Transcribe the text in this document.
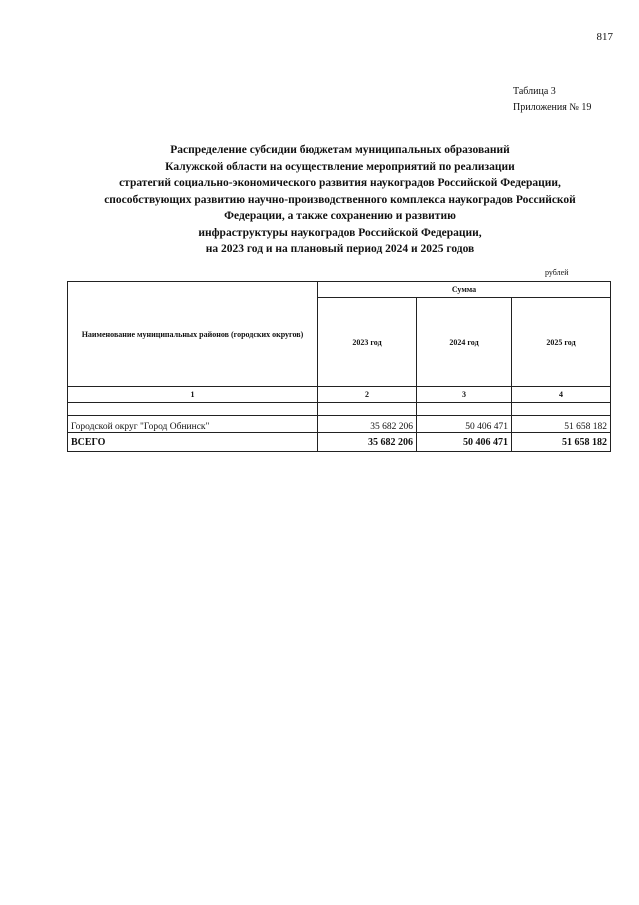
817
Таблица 3
Приложения № 19
Распределение субсидии бюджетам муниципальных образований
Калужской области на осуществление мероприятий по реализации
стратегий социально-экономического развития наукоградов Российской Федерации,
способствующих развитию научно-производственного комплекса наукоградов Российской
Федерации, а также сохранению и развитию
инфраструктуры наукоградов Российской Федерации,
на 2023 год и на плановый период 2024 и 2025 годов
рублей
Наименование муниципальных районов (городских округов)	Сумма		
	2023 год	2024 год	2025 год
1	2	3	4

Городской округ "Город Обнинск"	35 682 206	50 406 471	51 658 182
ВСЕГО	35 682 206	50 406 471	51 658 182
